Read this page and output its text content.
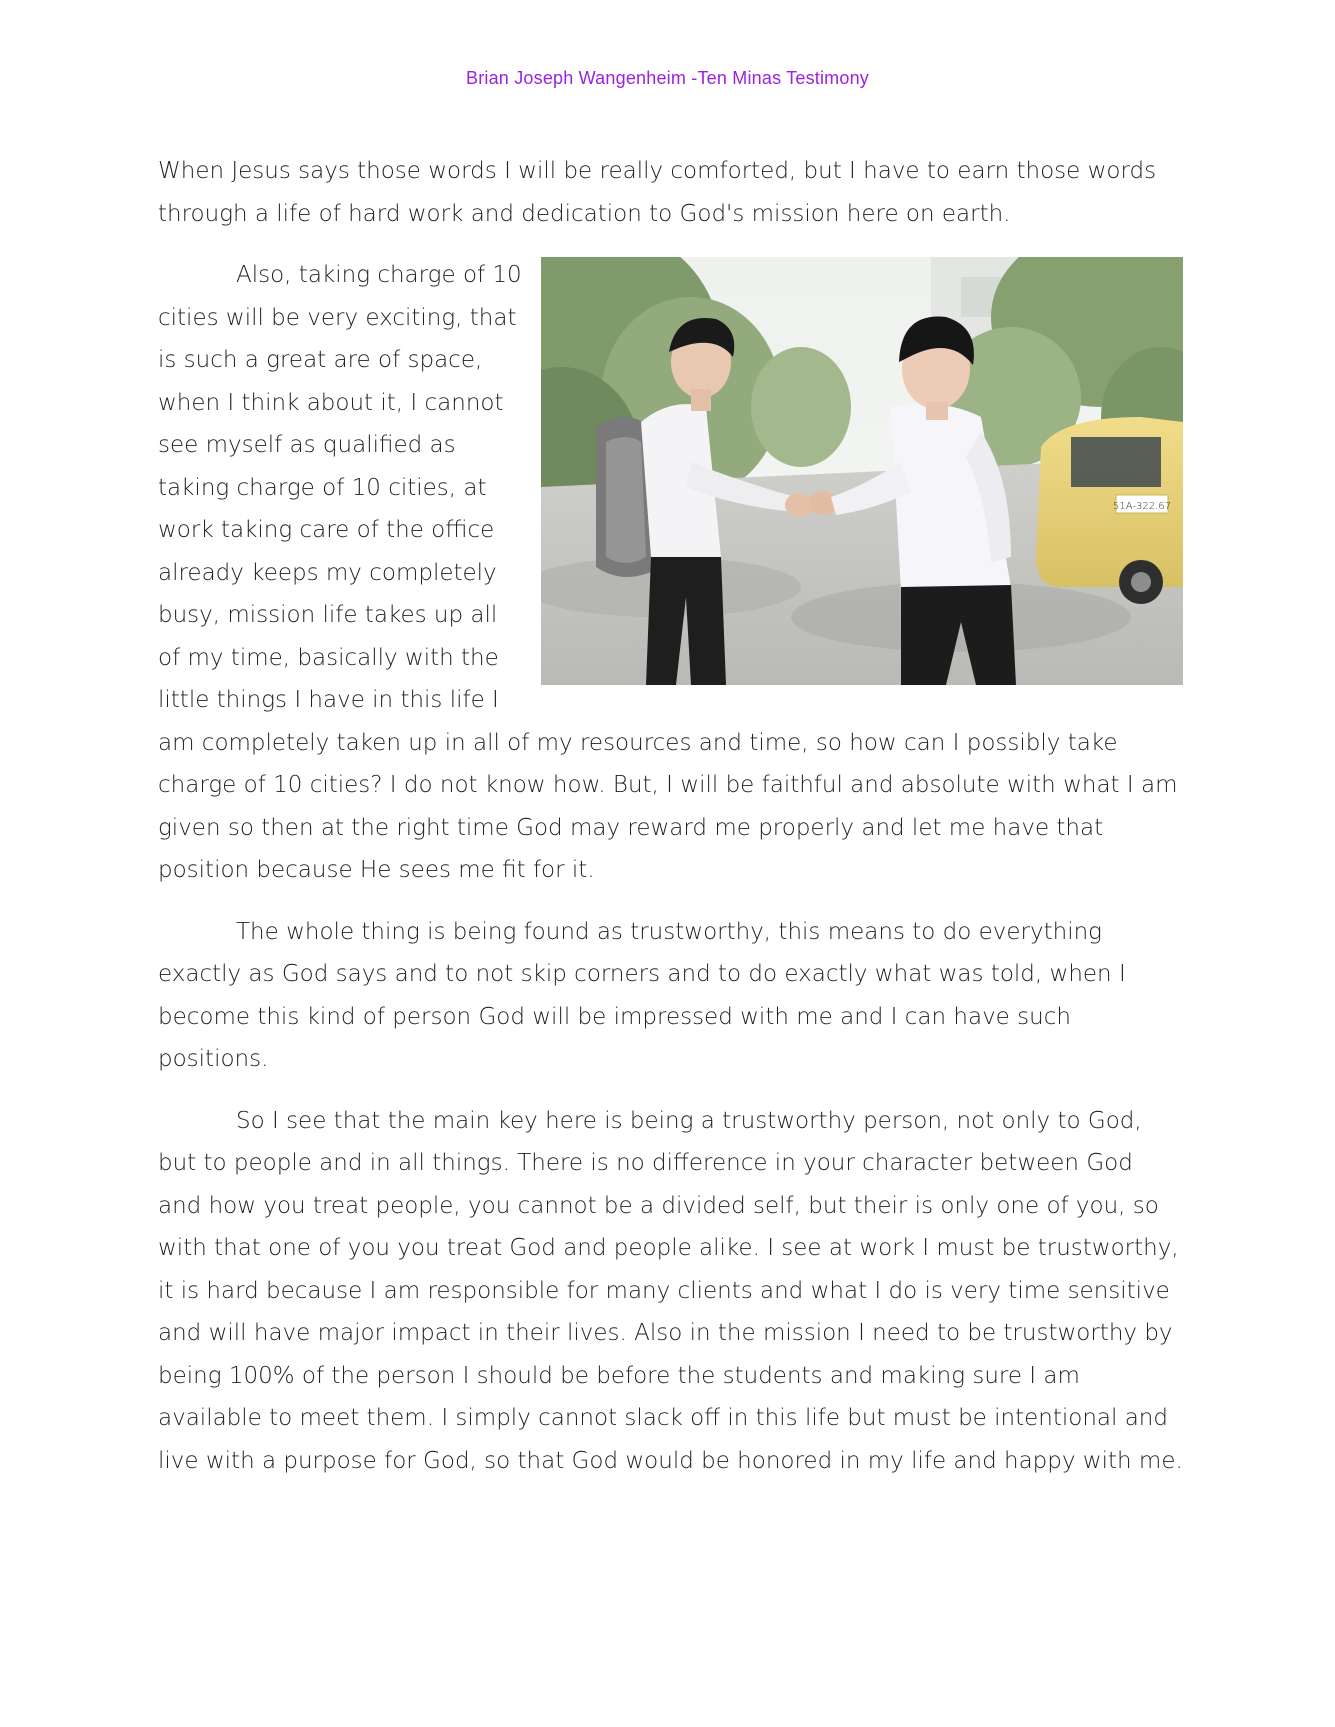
Brian Joseph Wangenheim -Ten Minas Testimony

When Jesus says those words I will be really comforted, but I have to earn those words through a life of hard work and dedication to God's mission here on earth.

51A-322.67

Also, taking charge of 10 cities will be very exciting, that is such a great are of space, when I think about it, I cannot see myself as qualified as taking charge of 10 cities, at work taking care of the office already keeps my completely busy, mission life takes up all of my time, basically with the little things I have in this life I am completely taken up in all of my resources and time, so how can I possibly take charge of 10 cities? I do not know how. But, I will be faithful and absolute with what I am given so then at the right time God may reward me properly and let me have that position because He sees me fit for it.

The whole thing is being found as trustworthy, this means to do everything exactly as God says and to not skip corners and to do exactly what was told, when I become this kind of person God will be impressed with me and I can have such positions.

So I see that the main key here is being a trustworthy person, not only to God, but to people and in all things. There is no difference in your character between God and how you treat people, you cannot be a divided self, but their is only one of you, so with that one of you you treat God and people alike. I see at work I must be trustworthy, it is hard because I am responsible for many clients and what I do is very time sensitive and will have major impact in their lives. Also in the mission I need to be trustworthy by being 100% of the person I should be before the students and making sure I am available to meet them. I simply cannot slack off in this life but must be intentional and live with a purpose for God, so that God would be honored in my life and happy with me.
